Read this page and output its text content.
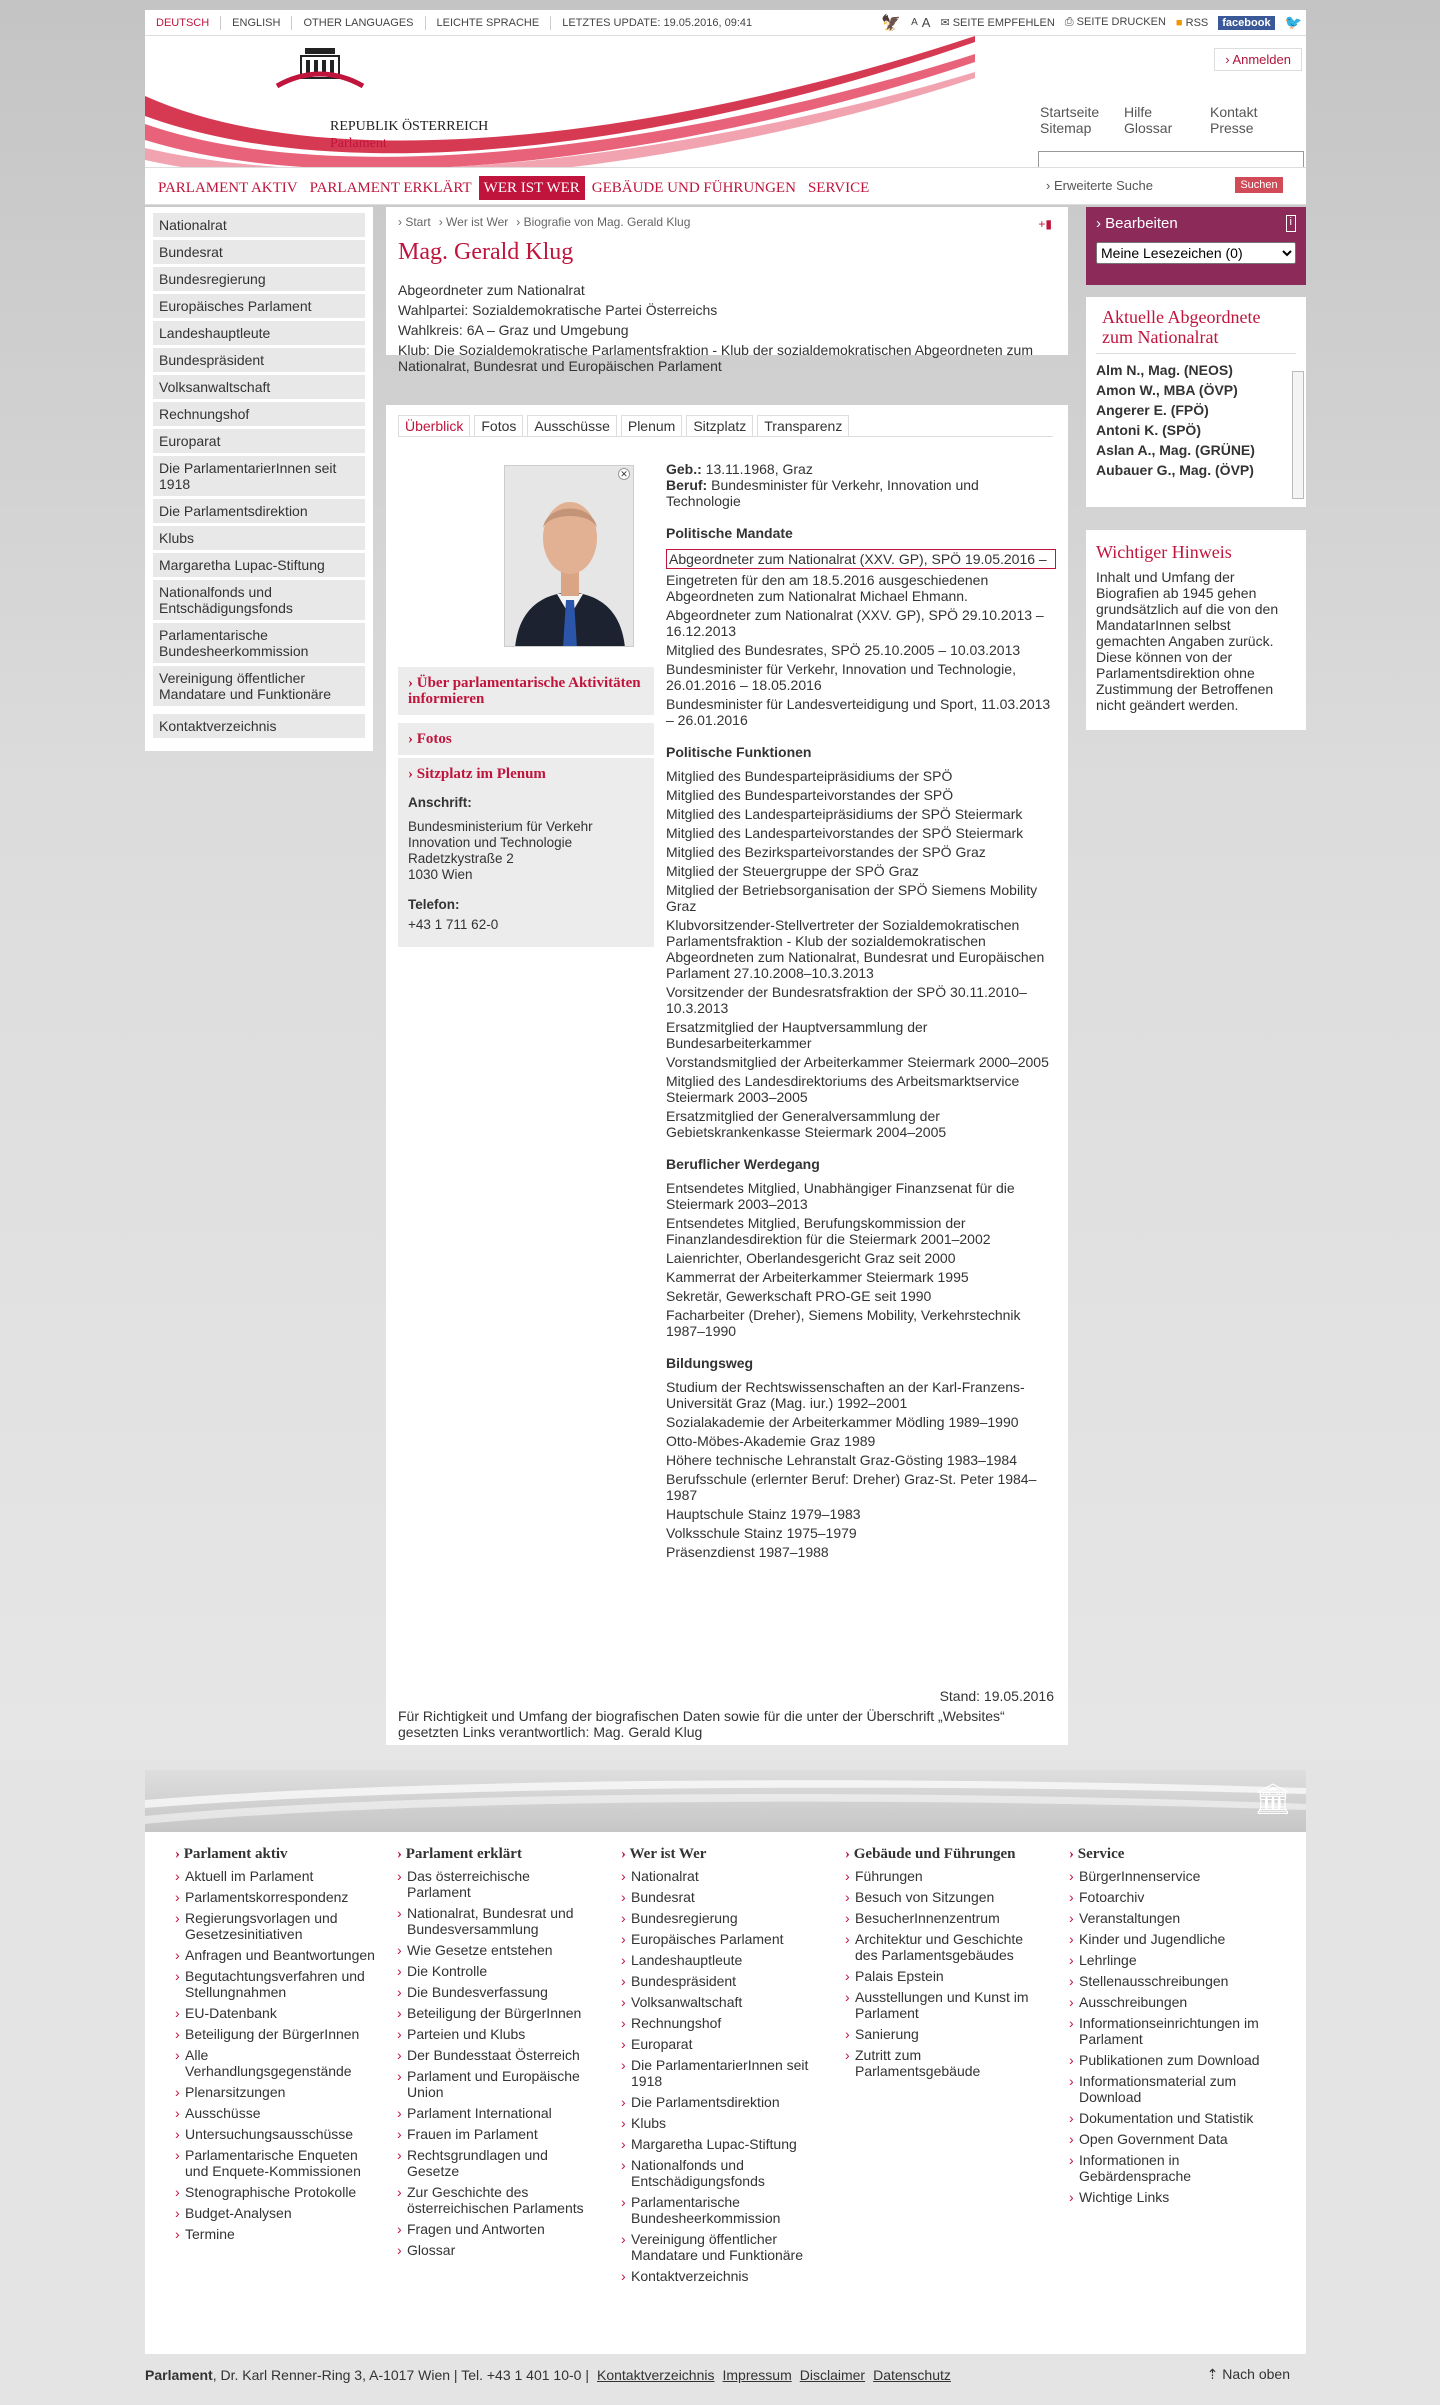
DEUTSCH	ENGLISH	OTHER LANGUAGES	LEICHTE SPRACHE	LETZTES UPDATE: 19.05.2016, 09:41	🦅 A A ✉ SEITE EMPFEHLEN ⎙ SEITE DRUCKEN ■ RSS	facebook 🐦
REPUBLIK ÖSTERREICH
Parlament
› Anmelden
Startseite	Hilfe	Kontakt
Sitemap	Glossar	Presse
PARLAMENT AKTIV PARLAMENT ERKLÄRT WER IST WER GEBÄUDE UND FÜHRUNGEN SERVICE	› Erweiterte Suche	Suchen
Nationalrat
Bundesrat
Bundesregierung
Europäisches Parlament
Landeshauptleute
Bundespräsident
Volksanwaltschaft
Rechnungshof
Europarat
Die ParlamentarierInnen seit 1918
Die Parlamentsdirektion
Klubs
Margaretha Lupac-Stiftung
Nationalfonds und Entschädigungsfonds
Parlamentarische Bundesheerkommission
Vereinigung öffentlicher Mandatare und Funktionäre
Kontaktverzeichnis
› Start › Wer ist Wer › Biografie von Mag. Gerald Klug	+▮
Mag. Gerald Klug
Abgeordneter zum Nationalrat
Wahlpartei: Sozialdemokratische Partei Österreichs
Wahlkreis: 6A – Graz und Umgebung
Klub: Die Sozialdemokratische Parlamentsfraktion - Klub der sozialdemokratischen Abgeordneten zum Nationalrat, Bundesrat und Europäischen Parlament
Überblick	Fotos	Ausschüsse	Plenum	Sitzplatz	Transparenz
✕
› Über parlamentarische Aktivitäten informieren
› Fotos
› Sitzplatz im Plenum
Anschrift:
Bundesministerium für Verkehr
Innovation und Technologie
Radetzkystraße 2
1030 Wien
Telefon:
+43 1 711 62-0
Geb.: 13.11.1968, Graz
Beruf: Bundesminister für Verkehr, Innovation und Technologie
Politische Mandate
Abgeordneter zum Nationalrat (XXV. GP), SPÖ 19.05.2016 –
Eingetreten für den am 18.5.2016 ausgeschiedenen Abgeordneten zum Nationalrat Michael Ehmann.
Abgeordneter zum Nationalrat (XXV. GP), SPÖ 29.10.2013 – 16.12.2013
Mitglied des Bundesrates, SPÖ 25.10.2005 – 10.03.2013
Bundesminister für Verkehr, Innovation und Technologie, 26.01.2016 – 18.05.2016
Bundesminister für Landesverteidigung und Sport, 11.03.2013 – 26.01.2016
Politische Funktionen
Mitglied des Bundesparteipräsidiums der SPÖ
Mitglied des Bundesparteivorstandes der SPÖ
Mitglied des Landesparteipräsidiums der SPÖ Steiermark
Mitglied des Landesparteivorstandes der SPÖ Steiermark
Mitglied des Bezirksparteivorstandes der SPÖ Graz
Mitglied der Steuergruppe der SPÖ Graz
Mitglied der Betriebsorganisation der SPÖ Siemens Mobility Graz
Klubvorsitzender-Stellvertreter der Sozialdemokratischen Parlamentsfraktion - Klub der sozialdemokratischen Abgeordneten zum Nationalrat, Bundesrat und Europäischen Parlament 27.10.2008–10.3.2013
Vorsitzender der Bundesratsfraktion der SPÖ 30.11.2010–10.3.2013
Ersatzmitglied der Hauptversammlung der Bundesarbeiterkammer
Vorstandsmitglied der Arbeiterkammer Steiermark 2000–2005
Mitglied des Landesdirektoriums des Arbeitsmarktservice Steiermark 2003–2005
Ersatzmitglied der Generalversammlung der Gebietskrankenkasse Steiermark 2004–2005
Beruflicher Werdegang
Entsendetes Mitglied, Unabhängiger Finanzsenat für die Steiermark 2003–2013
Entsendetes Mitglied, Berufungskommission der Finanzlandesdirektion für die Steiermark 2001–2002
Laienrichter, Oberlandesgericht Graz seit 2000
Kammerrat der Arbeiterkammer Steiermark 1995
Sekretär, Gewerkschaft PRO-GE seit 1990
Facharbeiter (Dreher), Siemens Mobility, Verkehrstechnik 1987–1990
Bildungsweg
Studium der Rechtswissenschaften an der Karl-Franzens-Universität Graz (Mag. iur.) 1992–2001
Sozialakademie der Arbeiterkammer Mödling 1989–1990
Otto-Möbes-Akademie Graz 1989
Höhere technische Lehranstalt Graz-Gösting 1983–1984
Berufsschule (erlernter Beruf: Dreher) Graz-St. Peter 1984–1987
Hauptschule Stainz 1979–1983
Volksschule Stainz 1975–1979
Präsenzdienst 1987–1988
Stand: 19.05.2016
Für Richtigkeit und Umfang der biografischen Daten sowie für die unter der Überschrift „Websites“ gesetzten Links verantwortlich: Mag. Gerald Klug
› Bearbeiten	i
Meine Lesezeichen (0)
Aktuelle Abgeordnete zum Nationalrat
Alm N., Mag. (NEOS)
Amon W., MBA (ÖVP)
Angerer E. (FPÖ)
Antoni K. (SPÖ)
Aslan A., Mag. (GRÜNE)
Aubauer G., Mag. (ÖVP)
Wichtiger Hinweis

Inhalt und Umfang der Biografien ab 1945 gehen grundsätzlich auf die von den MandatarInnen selbst gemachten Angaben zurück. Diese können von der Parlamentsdirektion ohne Zustimmung der Betroffenen nicht geändert werden.

🏛
› Parlament aktiv
› Aktuell im Parlament
› Parlamentskorrespondenz
› Regierungsvorlagen und Gesetzesinitiativen
› Anfragen und Beantwortungen
› Begutachtungsverfahren und Stellungnahmen
› EU-Datenbank
› Beteiligung der BürgerInnen
› Alle Verhandlungsgegenstände
› Plenarsitzungen
› Ausschüsse
› Untersuchungsausschüsse
› Parlamentarische Enqueten und Enquete-Kommissionen
› Stenographische Protokolle
› Budget-Analysen
› Termine
› Parlament erklärt
› Das österreichische Parlament
› Nationalrat, Bundesrat und Bundesversammlung
› Wie Gesetze entstehen
› Die Kontrolle
› Die Bundesverfassung
› Beteiligung der BürgerInnen
› Parteien und Klubs
› Der Bundesstaat Österreich
› Parlament und Europäische Union
› Parlament International
› Frauen im Parlament
› Rechtsgrundlagen und Gesetze
› Zur Geschichte des österreichischen Parlaments
› Fragen und Antworten
› Glossar
› Wer ist Wer
› Nationalrat
› Bundesrat
› Bundesregierung
› Europäisches Parlament
› Landeshauptleute
› Bundespräsident
› Volksanwaltschaft
› Rechnungshof
› Europarat
› Die ParlamentarierInnen seit 1918
› Die Parlamentsdirektion
› Klubs
› Margaretha Lupac-Stiftung
› Nationalfonds und Entschädigungsfonds
› Parlamentarische Bundesheerkommission
› Vereinigung öffentlicher Mandatare und Funktionäre
› Kontaktverzeichnis
› Gebäude und Führungen
› Führungen
› Besuch von Sitzungen
› BesucherInnenzentrum
› Architektur und Geschichte des Parlamentsgebäudes
› Palais Epstein
› Ausstellungen und Kunst im Parlament
› Sanierung
› Zutritt zum Parlamentsgebäude
› Service
› BürgerInnenservice
› Fotoarchiv
› Veranstaltungen
› Kinder und Jugendliche
› Lehrlinge
› Stellenausschreibungen
› Ausschreibungen
› Informationseinrichtungen im Parlament
› Publikationen zum Download
› Informationsmaterial zum Download
› Dokumentation und Statistik
› Open Government Data
› Informationen in Gebärdensprache
› Wichtige Links
Parlament , Dr. Karl Renner-Ring 3, A-1017 Wien | Tel. +43 1 401 10-0 | Kontaktverzeichnis Impressum Disclaimer Datenschutz	⇡ Nach oben
